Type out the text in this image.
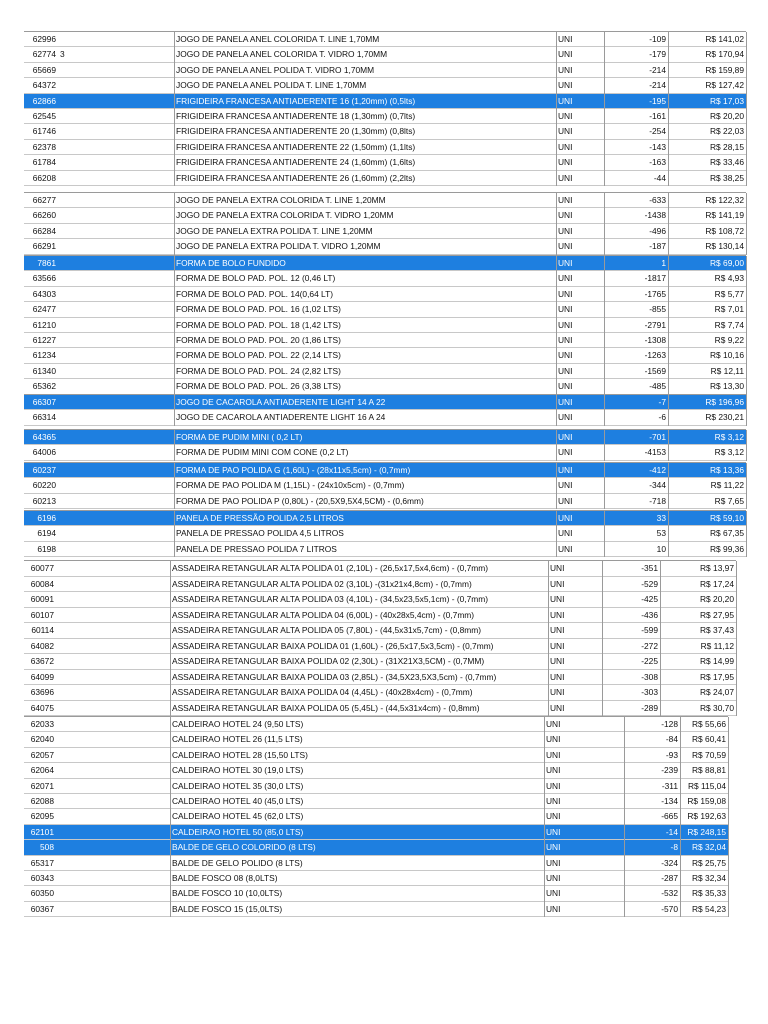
62996	JOGO DE PANELA ANEL COLORIDA T. LINE 1,70MM	UNI	-109	R$ 141,02
62774 3	JOGO DE PANELA ANEL COLORIDA T. VIDRO 1,70MM	UNI	-179	R$ 170,94
65669	JOGO DE PANELA ANEL POLIDA T. VIDRO 1,70MM	UNI	-214	R$ 159,89
64372	JOGO DE PANELA ANEL POLIDA T. LINE 1,70MM	UNI	-214	R$ 127,42
62866	FRIGIDEIRA FRANCESA ANTIADERENTE 16 (1,20mm) (0,5lts)	UNI	-195	R$ 17,03
62545	FRIGIDEIRA FRANCESA ANTIADERENTE 18 (1,30mm) (0,7lts)	UNI	-161	R$ 20,20
61746	FRIGIDEIRA FRANCESA ANTIADERENTE 20 (1,30mm) (0,8lts)	UNI	-254	R$ 22,03
62378	FRIGIDEIRA FRANCESA ANTIADERENTE 22 (1,50mm) (1,1lts)	UNI	-143	R$ 28,15
61784	FRIGIDEIRA FRANCESA ANTIADERENTE 24 (1,60mm) (1,6lts)	UNI	-163	R$ 33,46
66208	FRIGIDEIRA FRANCESA ANTIADERENTE 26 (1,60mm) (2,2lts)	UNI	-44	R$ 38,25
66277	JOGO DE PANELA EXTRA COLORIDA T. LINE 1,20MM	UNI	-633	R$ 122,32
66260	JOGO DE PANELA EXTRA COLORIDA T. VIDRO 1,20MM	UNI	-1438	R$ 141,19
66284	JOGO DE PANELA EXTRA POLIDA T. LINE 1,20MM	UNI	-496	R$ 108,72
66291	JOGO DE PANELA EXTRA POLIDA T. VIDRO 1,20MM	UNI	-187	R$ 130,14
7861	FORMA DE BOLO FUNDIDO	UNI	1	R$ 69,00
63566	FORMA DE BOLO PAD. POL. 12 (0,46 LT)	UNI	-1817	R$ 4,93
64303	FORMA DE BOLO PAD. POL. 14(0,64 LT)	UNI	-1765	R$ 5,77
62477	FORMA DE BOLO PAD. POL. 16 (1,02 LTS)	UNI	-855	R$ 7,01
61210	FORMA DE BOLO PAD. POL. 18 (1,42 LTS)	UNI	-2791	R$ 7,74
61227	FORMA DE BOLO PAD. POL. 20 (1,86 LTS)	UNI	-1308	R$ 9,22
61234	FORMA DE BOLO PAD. POL. 22 (2,14 LTS)	UNI	-1263	R$ 10,16
61340	FORMA DE BOLO PAD. POL. 24 (2,82 LTS)	UNI	-1569	R$ 12,11
65362	FORMA DE BOLO PAD. POL. 26 (3,38 LTS)	UNI	-485	R$ 13,30
66307	JOGO DE CACAROLA ANTIADERENTE LIGHT 14 A 22	UNI	-7	R$ 196,96
66314	JOGO DE CACAROLA ANTIADERENTE LIGHT 16 A 24	UNI	-6	R$ 230,21
64365	FORMA DE PUDIM MINI ( 0,2 LT)	UNI	-701	R$ 3,12
64006	FORMA DE PUDIM MINI COM CONE (0,2 LT)	UNI	-4153	R$ 3,12
60237	FORMA DE PAO POLIDA G (1,60L) - (28x11x5,5cm) - (0,7mm)	UNI	-412	R$ 13,36
60220	FORMA DE PAO POLIDA M (1,15L) - (24x10x5cm) - (0,7mm)	UNI	-344	R$ 11,22
60213	FORMA DE PAO POLIDA P (0,80L) - (20,5X9,5X4,5CM) - (0,6mm)	UNI	-718	R$ 7,65
6196	PANELA DE PRESSÃO POLIDA 2,5 LITROS	UNI	33	R$ 59,10
6194	PANELA DE PRESSAO POLIDA 4,5 LITROS	UNI	53	R$ 67,35
6198	PANELA DE PRESSAO POLIDA 7 LITROS	UNI	10	R$ 99,36
60077	ASSADEIRA RETANGULAR ALTA POLIDA 01 (2,10L) - (26,5x17,5x4,6cm) - (0,7mm)	UNI	-351	R$ 13,97
60084	ASSADEIRA RETANGULAR ALTA POLIDA 02 (3,10L) -(31x21x4,8cm) - (0,7mm)	UNI	-529	R$ 17,24
60091	ASSADEIRA RETANGULAR ALTA POLIDA 03 (4,10L) - (34,5x23,5x5,1cm) - (0,7mm)	UNI	-425	R$ 20,20
60107	ASSADEIRA RETANGULAR ALTA POLIDA 04 (6,00L) - (40x28x5,4cm) - (0,7mm)	UNI	-436	R$ 27,95
60114	ASSADEIRA RETANGULAR ALTA POLIDA 05 (7,80L) - (44,5x31x5,7cm) - (0,8mm)	UNI	-599	R$ 37,43
64082	ASSADEIRA RETANGULAR BAIXA POLIDA 01 (1,60L) - (26,5x17,5x3,5cm) - (0,7mm)	UNI	-272	R$ 11,12
63672	ASSADEIRA RETANGULAR BAIXA POLIDA 02 (2,30L) - (31X21X3,5CM) - (0,7MM)	UNI	-225	R$ 14,99
64099	ASSADEIRA RETANGULAR BAIXA POLIDA 03 (2,85L) - (34,5X23,5X3,5cm) - (0,7mm)	UNI	-308	R$ 17,95
63696	ASSADEIRA RETANGULAR BAIXA POLIDA 04 (4,45L) - (40x28x4cm) - (0,7mm)	UNI	-303	R$ 24,07
64075	ASSADEIRA RETANGULAR BAIXA POLIDA 05 (5,45L) - (44,5x31x4cm) - (0,8mm)	UNI	-289	R$ 30,70
62033	CALDEIRAO HOTEL 24 (9,50 LTS)	UNI	-128	R$ 55,66
62040	CALDEIRAO HOTEL 26 (11,5 LTS)	UNI	-84	R$ 60,41
62057	CALDEIRAO HOTEL 28 (15,50 LTS)	UNI	-93	R$ 70,59
62064	CALDEIRAO HOTEL 30 (19,0 LTS)	UNI	-239	R$ 88,81
62071	CALDEIRAO HOTEL 35 (30,0 LTS)	UNI	-311	R$ 115,04
62088	CALDEIRAO HOTEL 40 (45,0 LTS)	UNI	-134	R$ 159,08
62095	CALDEIRAO HOTEL 45 (62,0 LTS)	UNI	-665	R$ 192,63
62101	CALDEIRAO HOTEL 50 (85,0 LTS)	UNI	-14	R$ 248,15
508	BALDE DE GELO COLORIDO (8 LTS)	UNI	-8	R$ 32,04
65317	BALDE DE GELO POLIDO (8 LTS)	UNI	-324	R$ 25,75
60343	BALDE FOSCO 08 (8,0LTS)	UNI	-287	R$ 32,34
60350	BALDE FOSCO 10 (10,0LTS)	UNI	-532	R$ 35,33
60367	BALDE FOSCO 15 (15,0LTS)	UNI	-570	R$ 54,23
